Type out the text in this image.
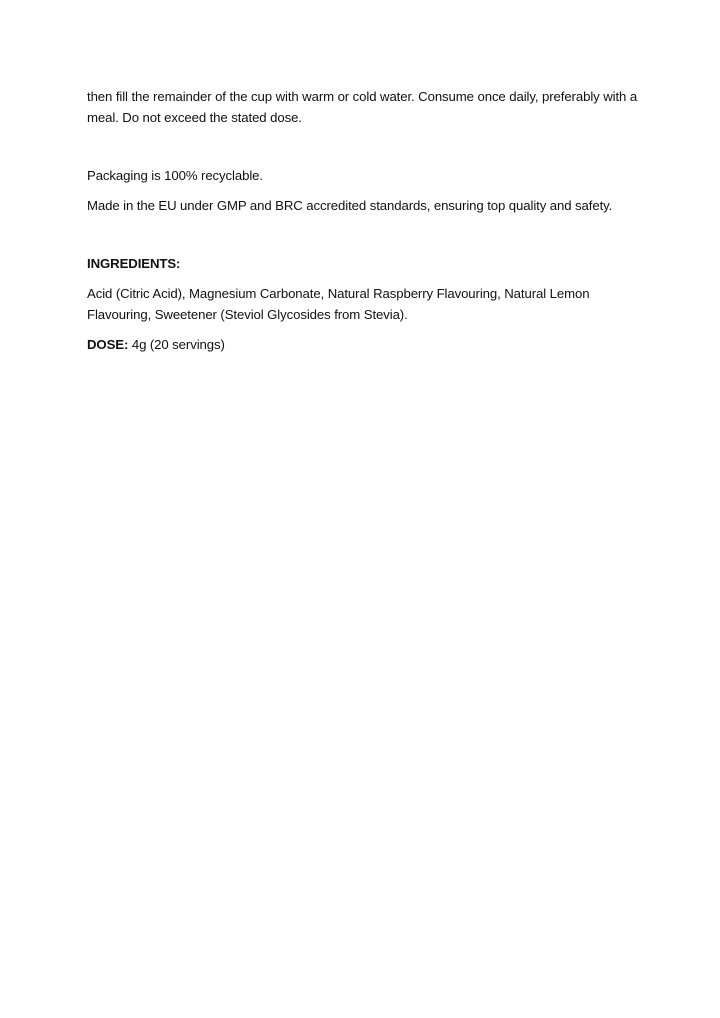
then fill the remainder of the cup with warm or cold water. Consume once daily, preferably with a meal. Do not exceed the stated dose.

Packaging is 100% recyclable.

Made in the EU under GMP and BRC accredited standards, ensuring top quality and safety.

INGREDIENTS:

Acid (Citric Acid), Magnesium Carbonate, Natural Raspberry Flavouring, Natural Lemon Flavouring, Sweetener (Steviol Glycosides from Stevia).

DOSE: 4g (20 servings)
